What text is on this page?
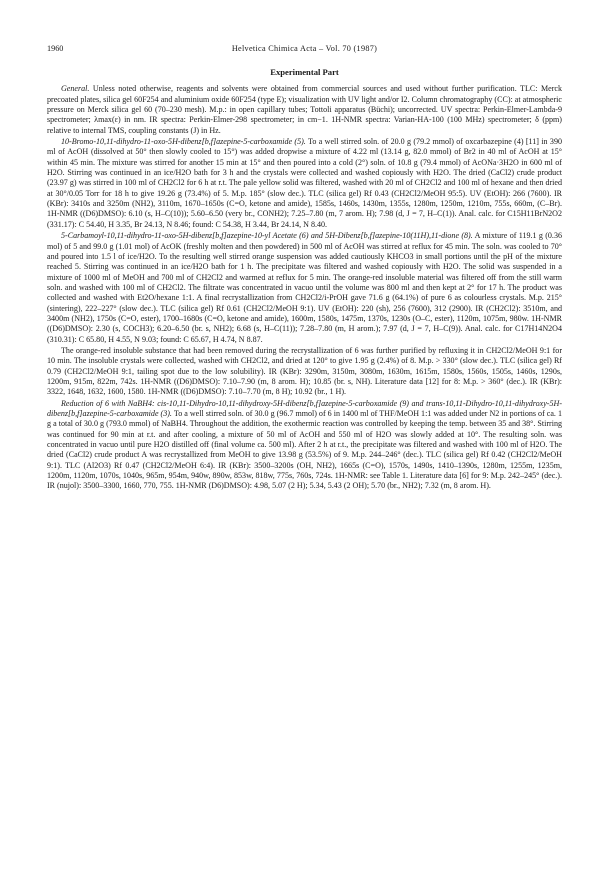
1960	Helvetica Chimica Acta – Vol. 70 (1987)
Experimental Part

General. Unless noted otherwise, reagents and solvents were obtained from commercial sources and used without further purification. TLC: Merck precoated plates, silica gel 60F254 and aluminium oxide 60F254 (type E); visualization with UV light and/or I2. Column chromatography (CC): at atmospheric pressure on Merck silica gel 60 (70–230 mesh). M.p.: in open capillary tubes; Tottoli apparatus (Büchi); uncorrected. UV spectra: Perkin-Elmer-Lambda-9 spectrometer; λmax(ε) in nm. IR spectra: Perkin-Elmer-298 spectrometer; in cm−1. 1H-NMR spectra: Varian-HA-100 (100 MHz) spectrometer; δ (ppm) relative to internal TMS, coupling constants (J) in Hz.

10-Bromo-10,11-dihydro-11-oxo-5H-dibenz[b,f]azepine-5-carboxamide (5). To a well stirred soln. of 20.0 g (79.2 mmol) of oxcarbazepine (4) [11] in 390 ml of AcOH (dissolved at 50° then slowly cooled to 15°) was added dropwise a mixture of 4.22 ml (13.14 g, 82.0 mmol) of Br2 in 40 ml of AcOH at 15° within 45 min. The mixture was stirred for another 15 min at 15° and then poured into a cold (2°) soln. of 10.8 g (79.4 mmol) of AcONa·3H2O in 600 ml of H2O. Stirring was continued in an ice/H2O bath for 3 h and the crystals were collected and washed copiously with H2O. The dried (CaCl2) crude product (23.97 g) was stirred in 100 ml of CH2Cl2 for 6 h at r.t. The pale yellow solid was filtered, washed with 20 ml of CH2Cl2 and 100 ml of hexane and then dried at 30°/0.05 Torr for 18 h to give 19.26 g (73.4%) of 5. M.p. 185° (slow dec.). TLC (silica gel) Rf 0.43 (CH2Cl2/MeOH 95:5). UV (EtOH): 266 (7600). IR (KBr): 3410s and 3250m (NH2), 3110m, 1670–1650s (C=O, ketone and amide), 1585s, 1460s, 1430m, 1355s, 1280m, 1250m, 1210m, 755s, 660m, (C–Br). 1H-NMR ((D6)DMSO): 6.10 (s, H–C(10)); 5.60–6.50 (very br., CONH2); 7.25–7.80 (m, 7 arom. H); 7.98 (d, J = 7, H–C(1)). Anal. calc. for C15H11BrN2O2 (331.17): C 54.40, H 3.35, Br 24.13, N 8.46; found: C 54.38, H 3.44, Br 24.14, N 8.40.

5-Carbamoyl-10,11-dihydro-11-oxo-5H-dibenz[b,f]azepine-10-yl Acetate (6) and 5H-Dibenz[b,f]azepine-10(11H),11-dione (8). A mixture of 119.1 g (0.36 mol) of 5 and 99.0 g (1.01 mol) of AcOK (freshly molten and then powdered) in 500 ml of AcOH was stirred at reflux for 45 min. The soln. was cooled to 70° and poured into 1.5 l of ice/H2O. To the resulting well stirred orange suspension was added cautiously KHCO3 in small portions until the pH of the mixture reached 5. Stirring was continued in an ice/H2O bath for 1 h. The precipitate was filtered and washed copiously with H2O. The solid was suspended in a mixture of 1000 ml of MeOH and 700 ml of CH2Cl2 and warmed at reflux for 5 min. The orange-red insoluble material was filtered off from the still warm soln. and washed with 100 ml of CH2Cl2. The filtrate was concentrated in vacuo until the volume was 800 ml and then kept at 2° for 17 h. The product was collected and washed with Et2O/hexane 1:1. A final recrystallization from CH2Cl2/i-PrOH gave 71.6 g (64.1%) of pure 6 as colourless crystals. M.p. 215° (sintering), 222–227° (slow dec.). TLC (silica gel) Rf 0.61 (CH2Cl2/MeOH 9:1). UV (EtOH): 220 (sh), 256 (7600), 312 (2900). IR (CH2Cl2): 3510m, and 3400m (NH2), 1750s (C=O, ester), 1700–1680s (C=O, ketone and amide), 1600m, 1580s, 1475m, 1370s, 1230s (O–C, ester), 1120m, 1075m, 980w. 1H-NMR ((D6)DMSO): 2.30 (s, COCH3); 6.20–6.50 (br. s, NH2); 6.68 (s, H–C(11)); 7.28–7.80 (m, H arom.); 7.97 (d, J = 7, H–C(9)). Anal. calc. for C17H14N2O4 (310.31): C 65.80, H 4.55, N 9.03; found: C 65.67, H 4.74, N 8.87.

The orange-red insoluble substance that had been removed during the recrystallization of 6 was further purified by refluxing it in CH2Cl2/MeOH 9:1 for 10 min. The insoluble crystals were collected, washed with CH2Cl2, and dried at 120° to give 1.95 g (2.4%) of 8. M.p. > 330° (slow dec.). TLC (silica gel) Rf 0.79 (CH2Cl2/MeOH 9:1, tailing spot due to the low solubility). IR (KBr): 3290m, 3150m, 3080m, 1630m, 1615m, 1580s, 1560s, 1505s, 1460s, 1290s, 1200m, 915m, 822m, 742s. 1H-NMR ((D6)DMSO): 7.10–7.90 (m, 8 arom. H); 10.85 (br. s, NH). Literature data [12] for 8: M.p. > 360° (dec.). IR (KBr): 3322, 1648, 1632, 1600, 1580. 1H-NMR ((D6)DMSO): 7.10–7.70 (m, 8 H); 10.92 (br., 1 H).

Reduction of 6 with NaBH4: cis-10,11-Dihydro-10,11-dihydroxy-5H-dibenz[b,f]azepine-5-carboxamide (9) and trans-10,11-Dihydro-10,11-dihydroxy-5H-dibenz[b,f]azepine-5-carboxamide (3). To a well stirred soln. of 30.0 g (96.7 mmol) of 6 in 1400 ml of THF/MeOH 1:1 was added under N2 in portions of ca. 1 g a total of 30.0 g (793.0 mmol) of NaBH4. Throughout the addition, the exothermic reaction was controlled by keeping the temp. between 35 and 38°. Stirring was continued for 90 min at r.t. and after cooling, a mixture of 50 ml of AcOH and 550 ml of H2O was slowly added at 10°. The resulting soln. was concentrated in vacuo until pure H2O distilled off (final volume ca. 500 ml). After 2 h at r.t., the precipitate was filtered and washed with 100 ml of H2O. The dried (CaCl2) crude product A was recrystallized from MeOH to give 13.98 g (53.5%) of 9. M.p. 244–246° (dec.). TLC (silica gel) Rf 0.42 (CH2Cl2/MeOH 9:1). TLC (Al2O3) Rf 0.47 (CH2Cl2/MeOH 6:4). IR (KBr): 3500–3200s (OH, NH2), 1665s (C=O), 1570s, 1490s, 1410–1390s, 1280m, 1255m, 1235m, 1200m, 1120m, 1070s, 1040s, 965m, 954m, 940w, 890w, 853w, 818w, 775s, 760s, 724s. 1H-NMR: see Table 1. Literature data [6] for 9: M.p. 242–245° (dec.). IR (nujol): 3500–3300, 1660, 770, 755. 1H-NMR (D6)DMSO): 4.98, 5.07 (2 H); 5.34, 5.43 (2 OH); 5.70 (br., NH2); 7.32 (m, 8 arom. H).
